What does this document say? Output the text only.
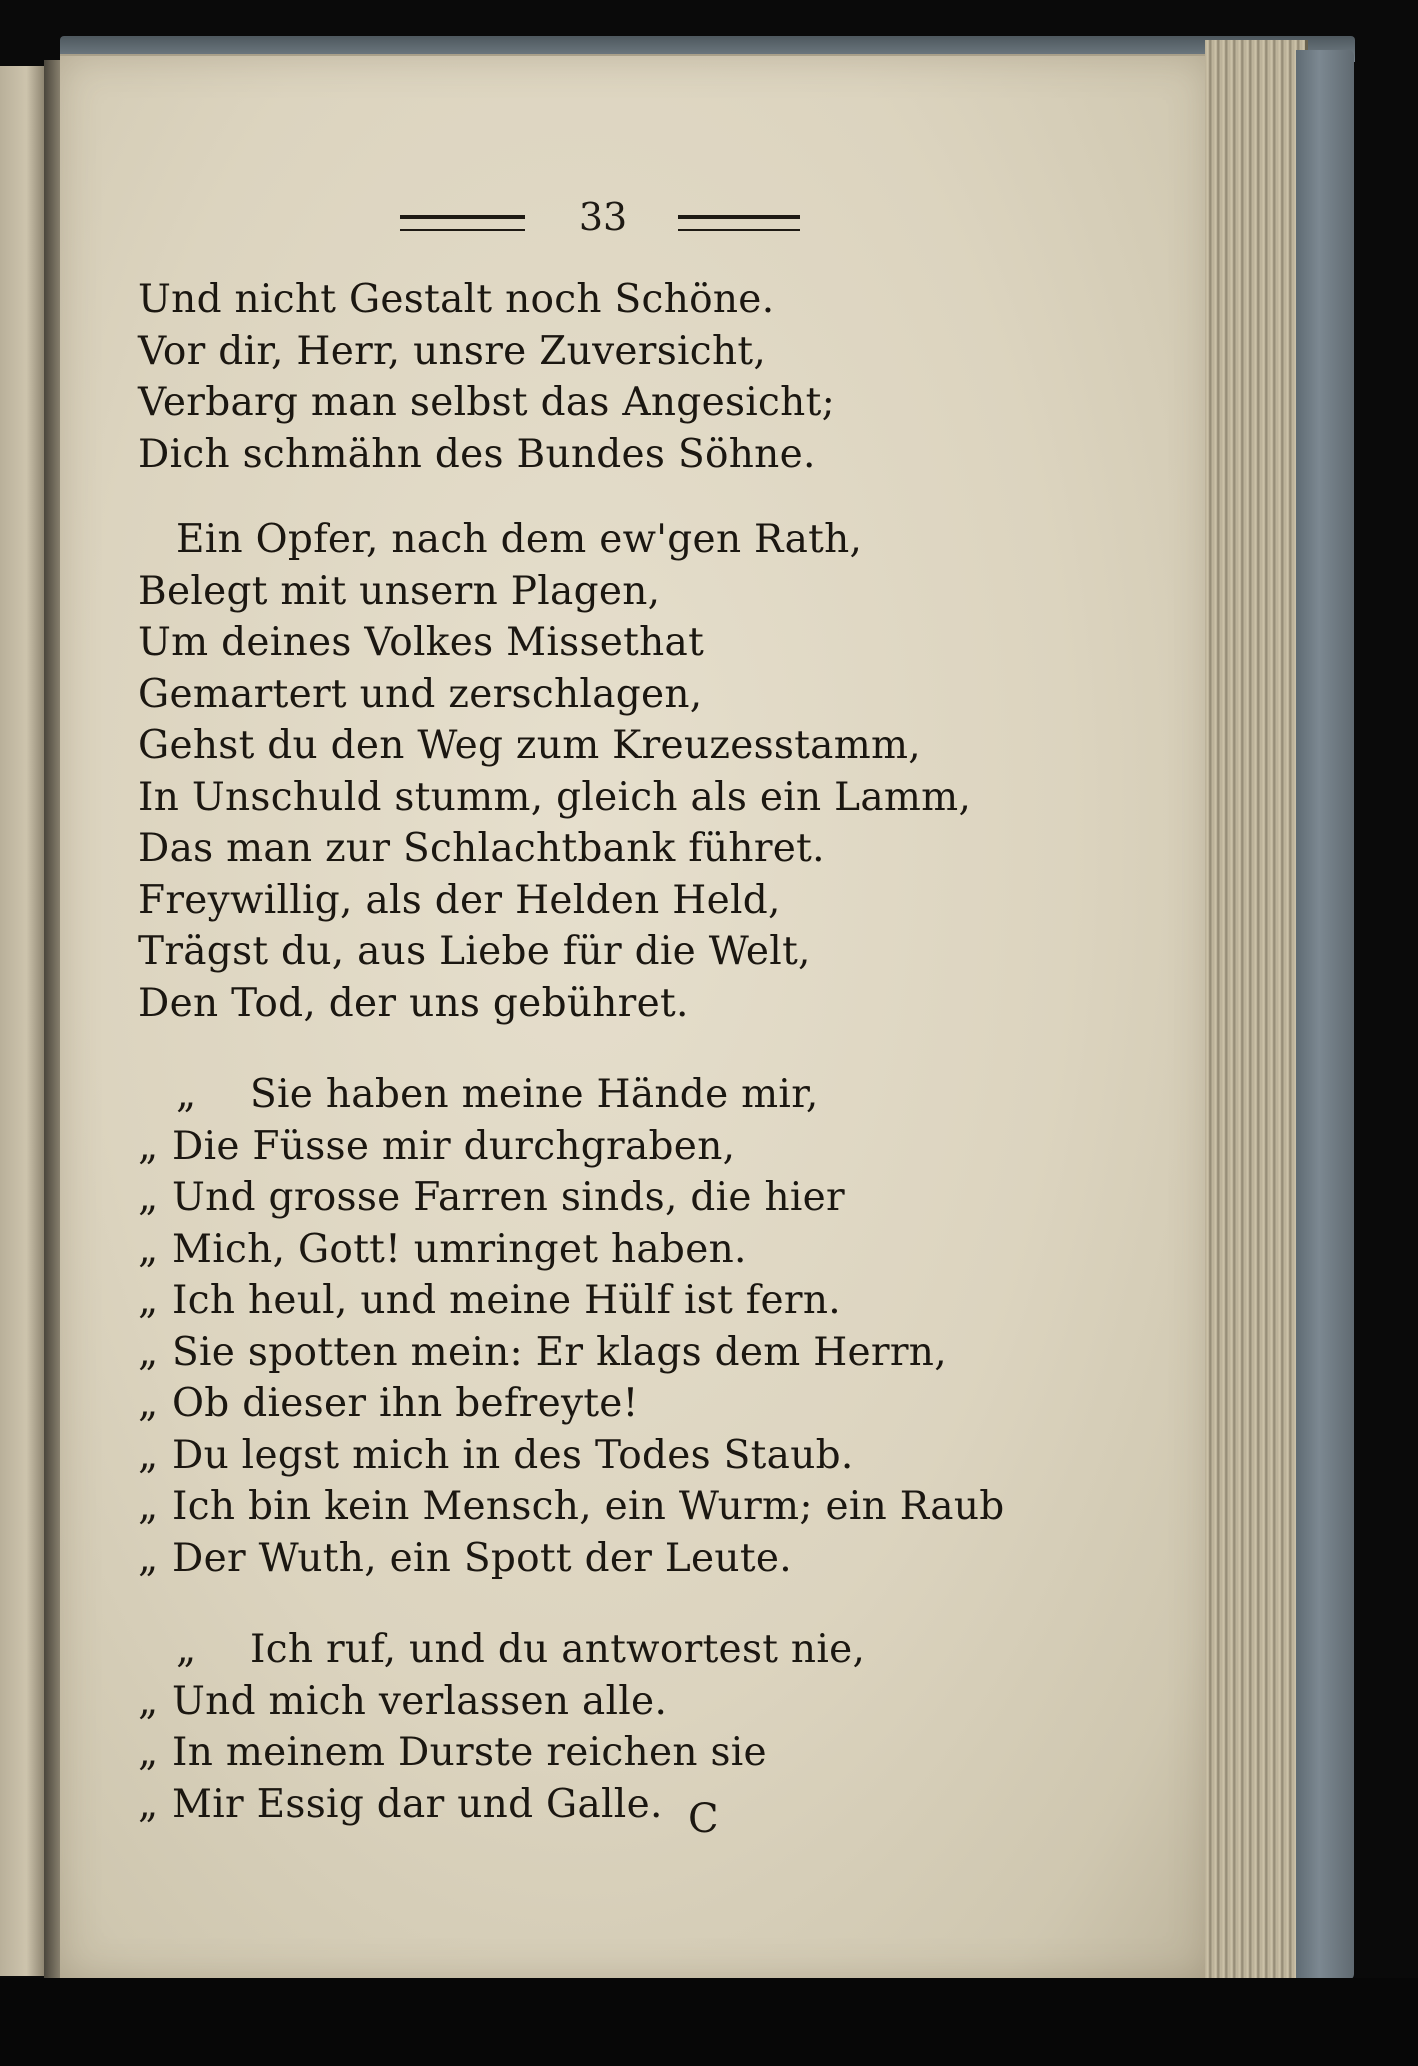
33
Und nicht Gestalt noch Schöne.
Vor dir, Herr, unsre Zuversicht,
Verbarg man selbst das Angesicht;
Dich schmähn des Bundes Söhne.
Ein Opfer, nach dem ew'gen Rath,
Belegt mit unsern Plagen,
Um deines Volkes Missethat
Gemartert und zerschlagen,
Gehst du den Weg zum Kreuzesstamm,
In Unschuld stumm, gleich als ein Lamm,
Das man zur Schlachtbank führet.
Freywillig, als der Helden Held,
Trägst du, aus Liebe für die Welt,
Den Tod, der uns gebühret.
„ Sie haben meine Hände mir,
„ Die Füsse mir durchgraben,
„ Und grosse Farren sinds, die hier
„ Mich, Gott! umringet haben.
„ Ich heul, und meine Hülf ist fern.
„ Sie spotten mein: Er klags dem Herrn,
„ Ob dieser ihn befreyte!
„ Du legst mich in des Todes Staub.
„ Ich bin kein Mensch, ein Wurm; ein Raub
„ Der Wuth, ein Spott der Leute.
„ Ich ruf, und du antwortest nie,
„ Und mich verlassen alle.
„ In meinem Durste reichen sie
„ Mir Essig dar und Galle. C
